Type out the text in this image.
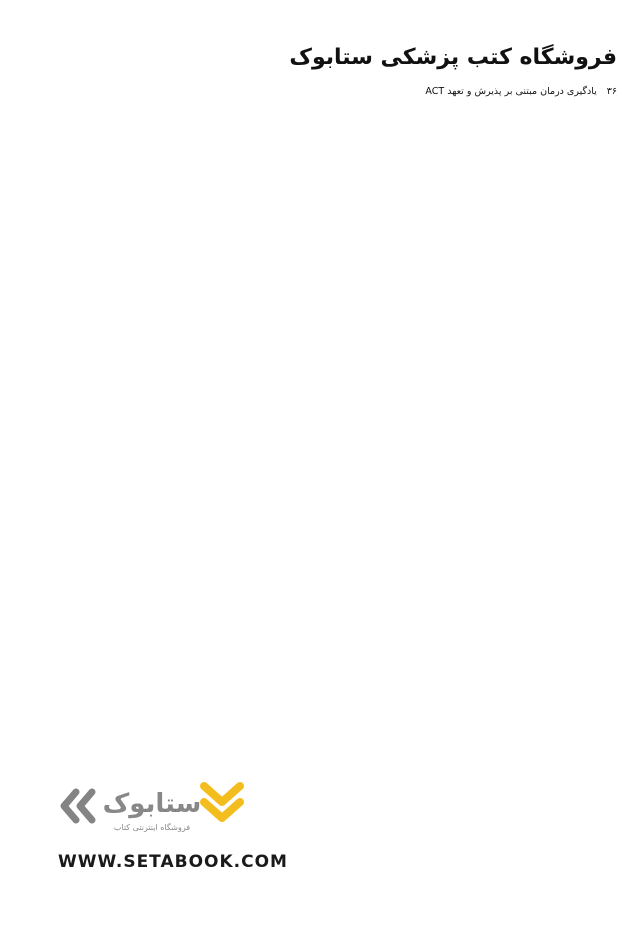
فروشگاه کتب پزشکی ستابوک
۳۶ یادگیری درمان مبتنی بر پذیرش و تعهد ACT

ستابوک
فروشگاه اینترنتی کتاب

WWW.SETABOOK.COM
